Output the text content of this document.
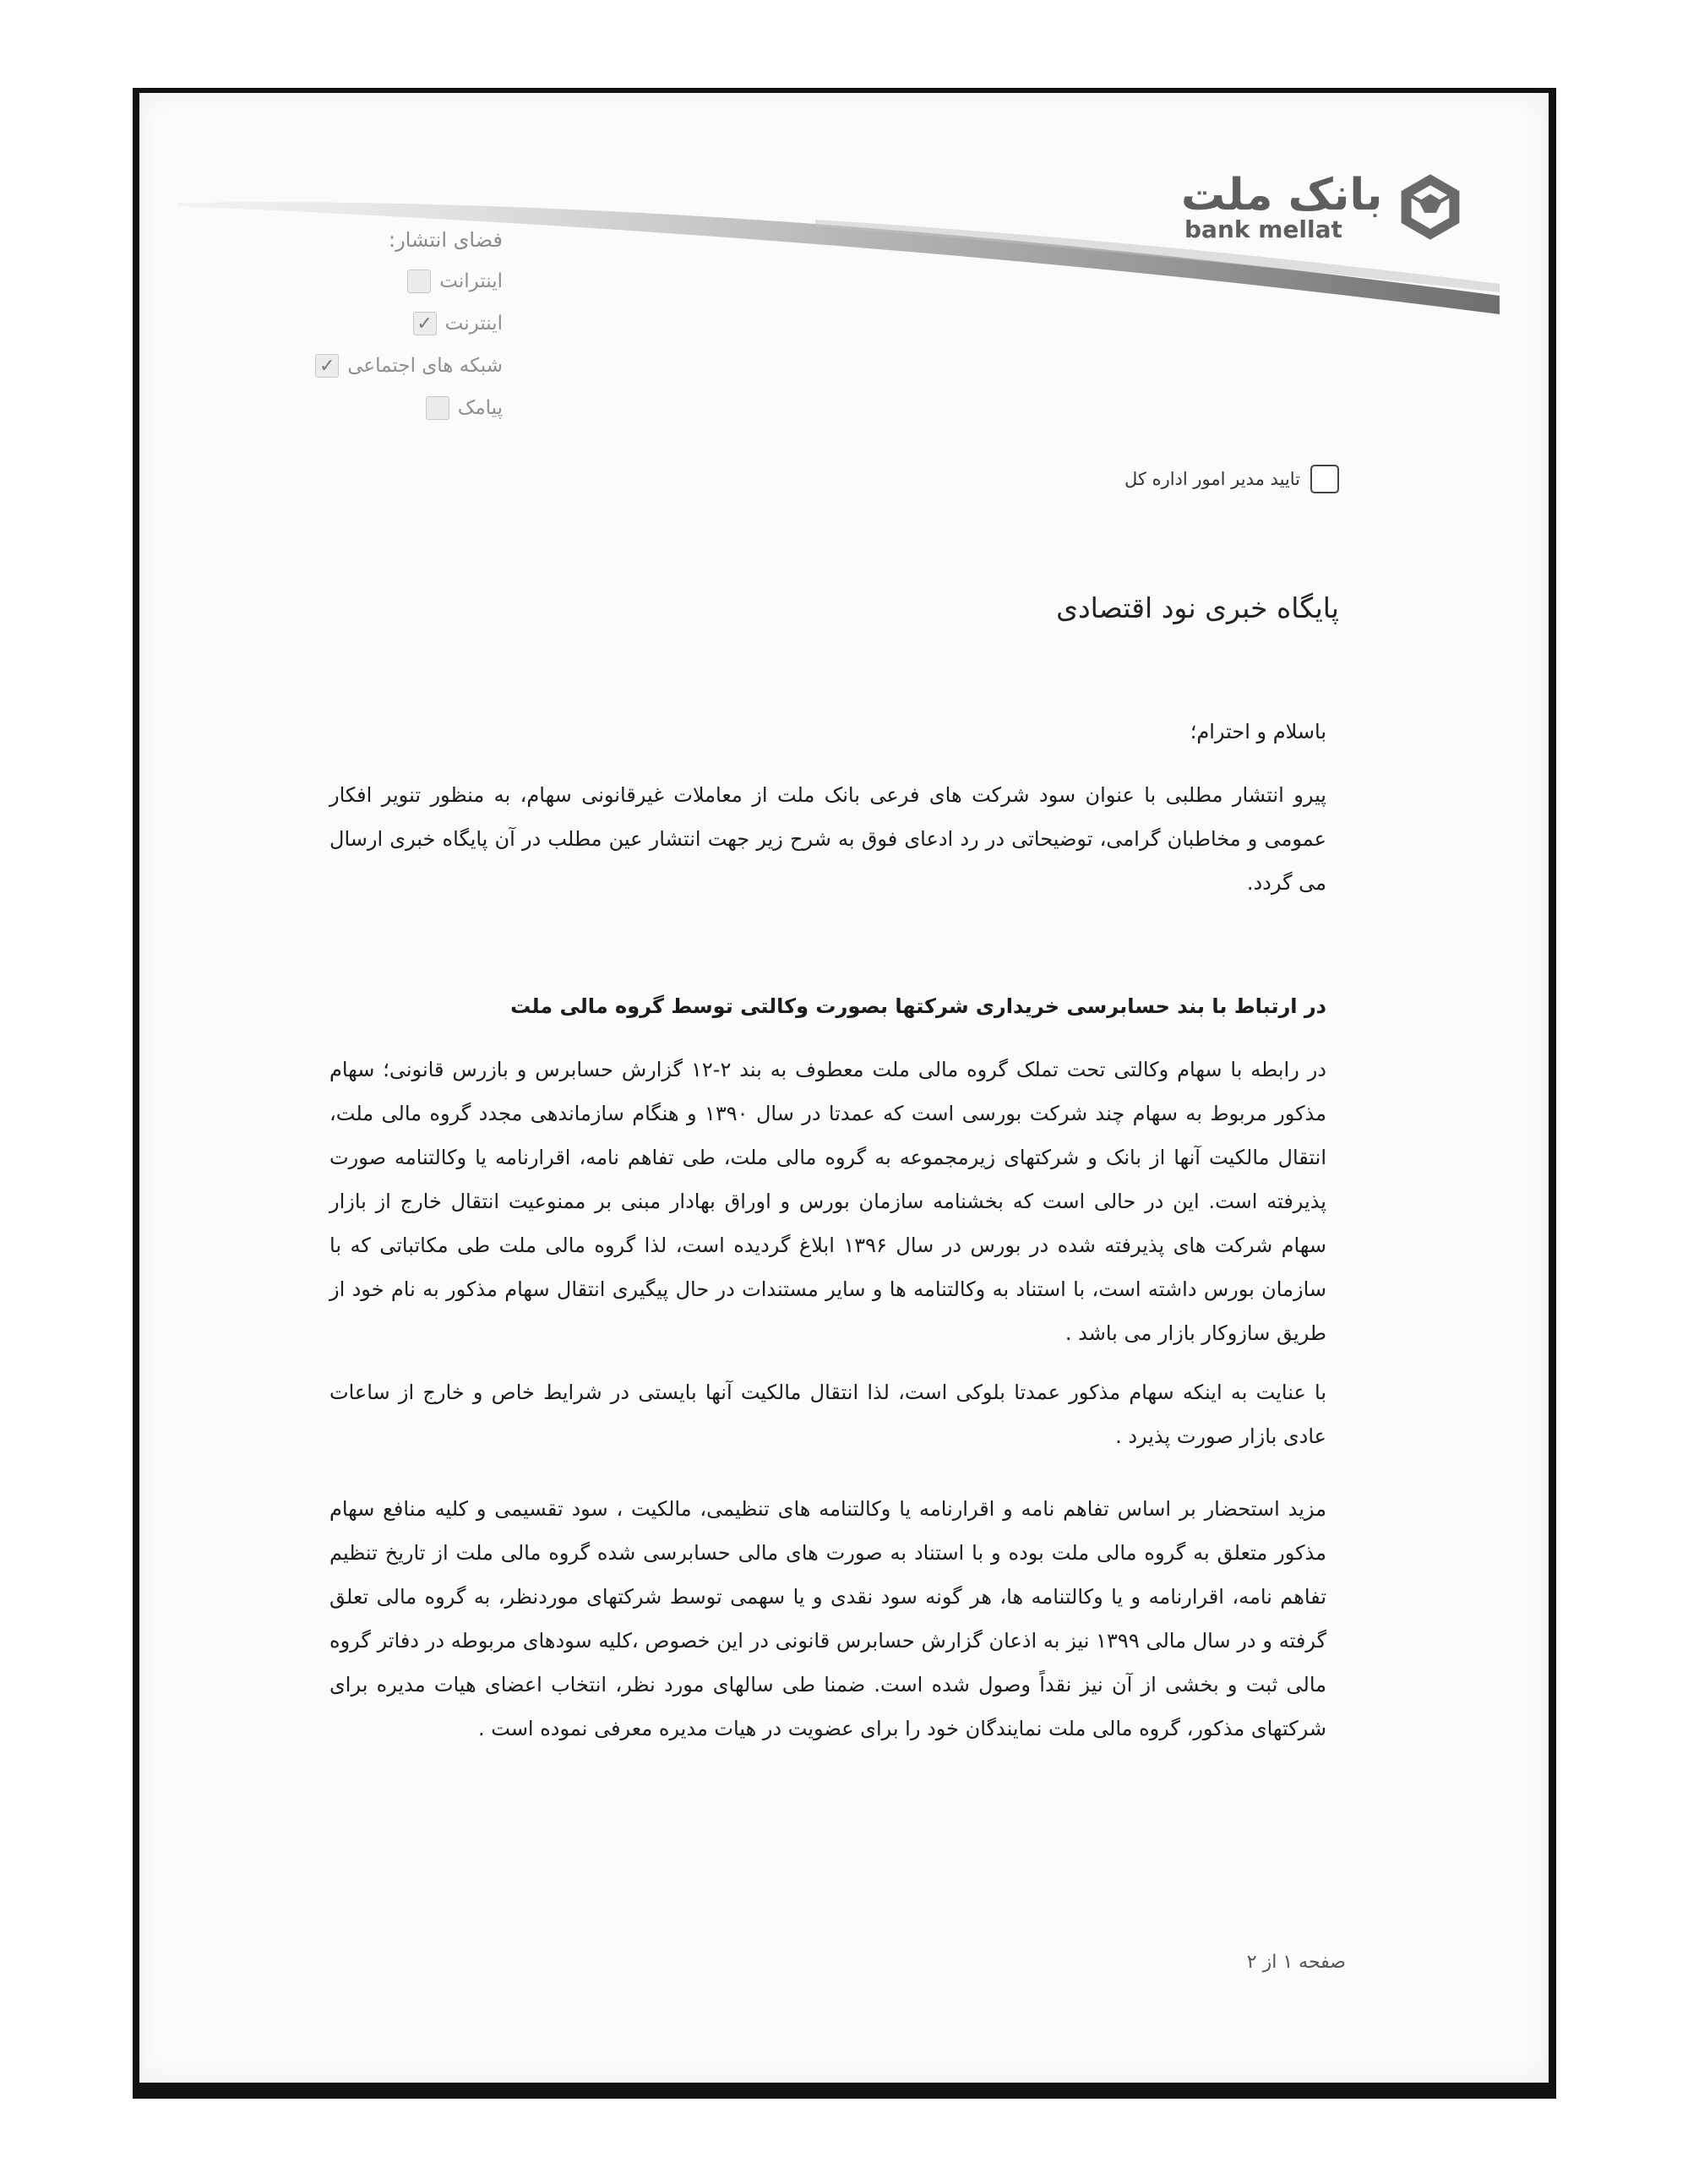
بانک ملت
bank mellat
فضای انتشار:
اینترانت
اینترنت
✓
شبکه های اجتماعی
✓
پیامک
تایید مدیر امور اداره کل
پایگاه خبری نود اقتصادی
باسلام و احترام؛
پیرو انتشار مطلبی با عنوان سود شرکت های فرعی بانک ملت از معاملات غیرقانونی سهام، به منظور تنویر افکار عمومی و مخاطبان گرامی، توضیحاتی در رد ادعای فوق به شرح زیر جهت انتشار عین مطلب در آن پایگاه خبری ارسال می گردد.
در ارتباط با بند حسابرسی خریداری شرکتها بصورت وکالتی توسط گروه مالی ملت
در رابطه با سهام وکالتی تحت تملک گروه مالی ملت معطوف به بند ۲-۱۲ گزارش حسابرس و بازرس قانونی؛ سهام مذکور مربوط به سهام چند شرکت بورسی است که عمدتا در سال ۱۳۹۰ و هنگام سازماندهی مجدد گروه مالی ملت، انتقال مالکیت آنها از بانک و شرکتهای زیرمجموعه به گروه مالی ملت، طی تفاهم نامه، اقرارنامه یا وکالتنامه صورت پذیرفته است. این در حالی است که بخشنامه سازمان بورس و اوراق بهادار مبنی بر ممنوعیت انتقال خارج از بازار سهام شرکت های پذیرفته شده در بورس در سال ۱۳۹۶ ابلاغ گردیده است، لذا گروه مالی ملت طی مکاتباتی که با سازمان بورس داشته است، با استناد به وکالتنامه ها و سایر مستندات در حال پیگیری انتقال سهام مذکور به نام خود از طریق سازوکار بازار می باشد .
با عنایت به اینکه سهام مذکور عمدتا بلوکی است، لذا انتقال مالکیت آنها بایستی در شرایط خاص و خارج از ساعات عادی بازار صورت پذیرد .
مزید استحضار بر اساس تفاهم نامه و اقرارنامه یا وکالتنامه های تنظیمی، مالکیت ، سود تقسیمی و کلیه منافع سهام مذکور متعلق به گروه مالی ملت بوده و با استناد به صورت های مالی حسابرسی شده گروه مالی ملت از تاریخ تنظیم تفاهم نامه، اقرارنامه و یا وکالتنامه ها، هر گونه سود نقدی و یا سهمی توسط شرکتهای موردنظر، به گروه مالی تعلق گرفته و در سال مالی ۱۳۹۹ نیز به اذعان گزارش حسابرس قانونی در این خصوص ،کلیه سودهای مربوطه در دفاتر گروه مالی ثبت و بخشی از آن نیز نقداً وصول شده است. ضمنا طی سالهای مورد نظر، انتخاب اعضای هیات مدیره برای شرکتهای مذکور، گروه مالی ملت نمایندگان خود را برای عضویت در هیات مدیره معرفی نموده است .
صفحه ۱ از ۲
